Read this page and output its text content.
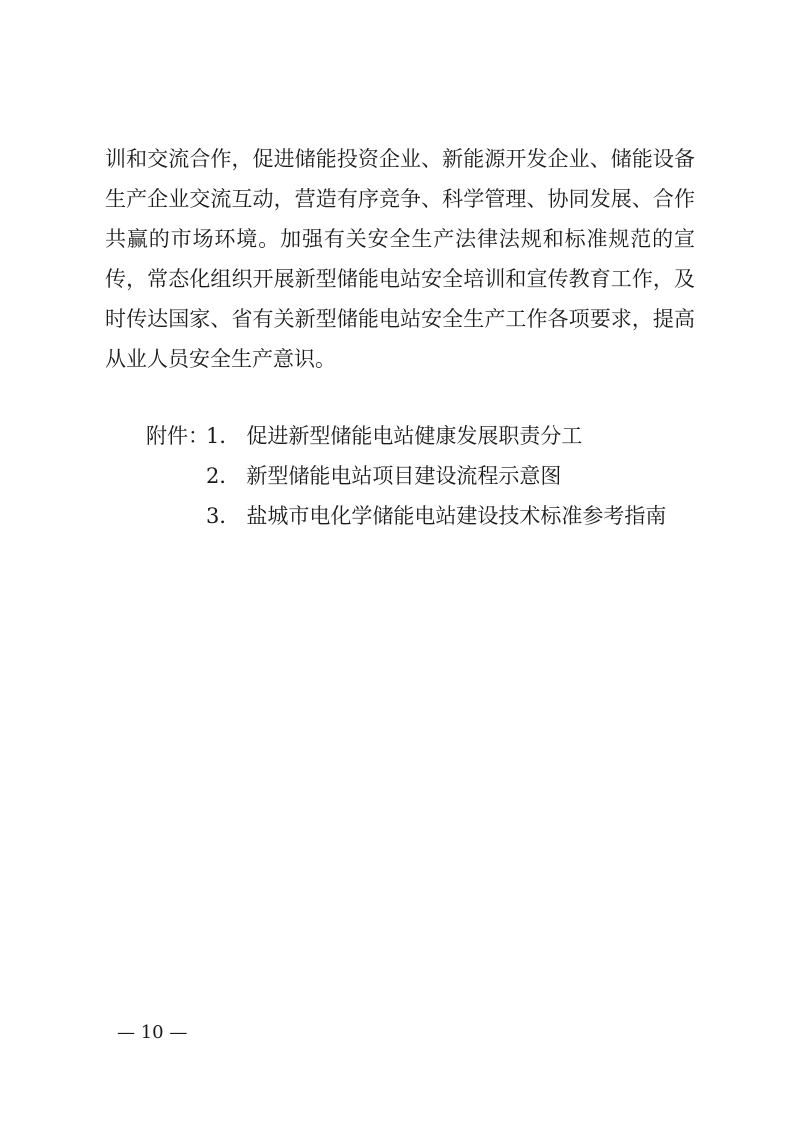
训和交流合作，促进储能投资企业、新能源开发企业、储能设备
生产企业交流互动，营造有序竞争、科学管理、协同发展、合作
共赢的市场环境。加强有关安全生产法律法规和标准规范的宣
传，常态化组织开展新型储能电站安全培训和宣传教育工作，及
时传达国家、省有关新型储能电站安全生产工作各项要求，提高
从业人员安全生产意识。
附件：1． 促进新型储能电站健康发展职责分工
2． 新型储能电站项目建设流程示意图
3． 盐城市电化学储能电站建设技术标准参考指南
— 10 —
